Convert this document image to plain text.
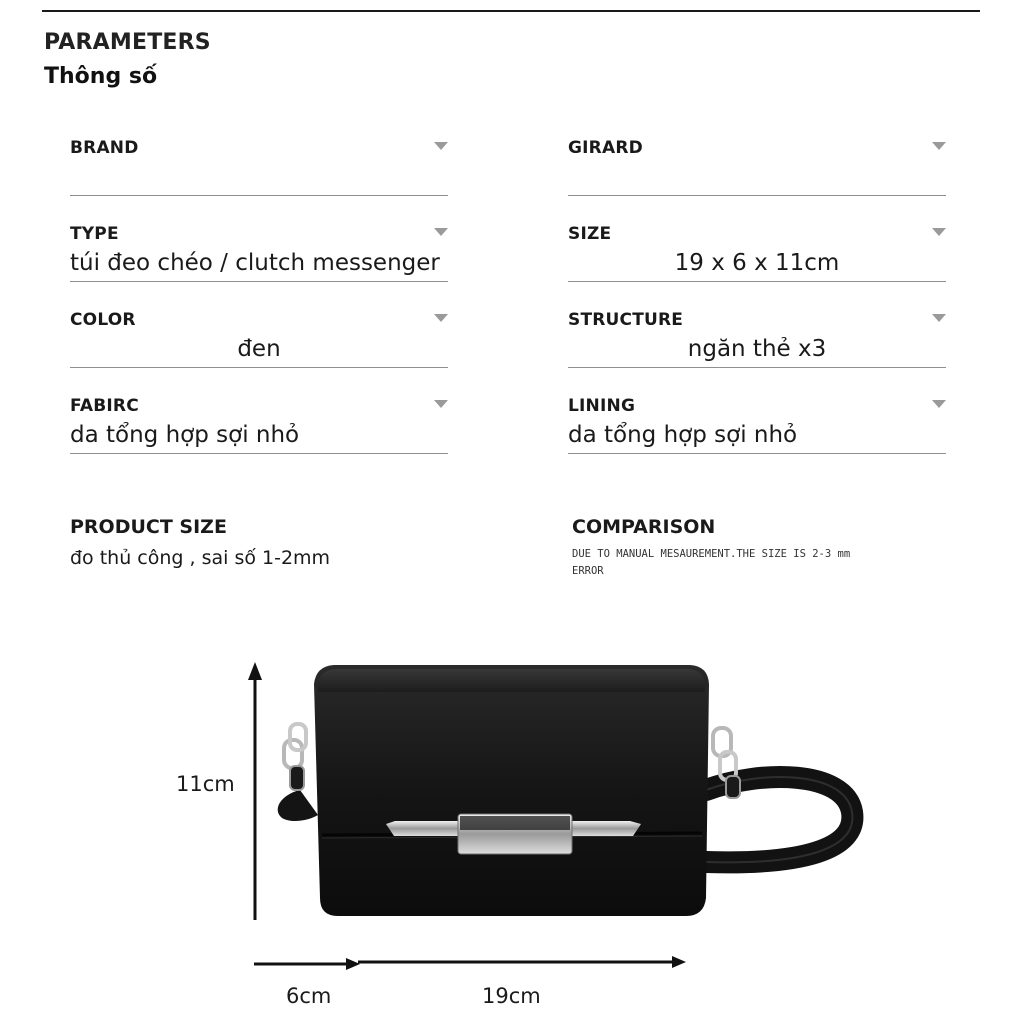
PARAMETERS
Thông số
BRAND	GIRARD
TYPE
túi đeo chéo / clutch messenger
SIZE
19 x 6 x 11cm
COLOR
đen
STRUCTURE
ngăn thẻ x3
FABIRC
da tổng hợp sợi nhỏ
LINING
da tổng hợp sợi nhỏ
PRODUCT SIZE
đo thủ công , sai số 1-2mm
COMPARISON
DUE TO MANUAL MESAUREMENT.THE SIZE IS 2-3 mm ERROR
11cm
6cm	19cm
